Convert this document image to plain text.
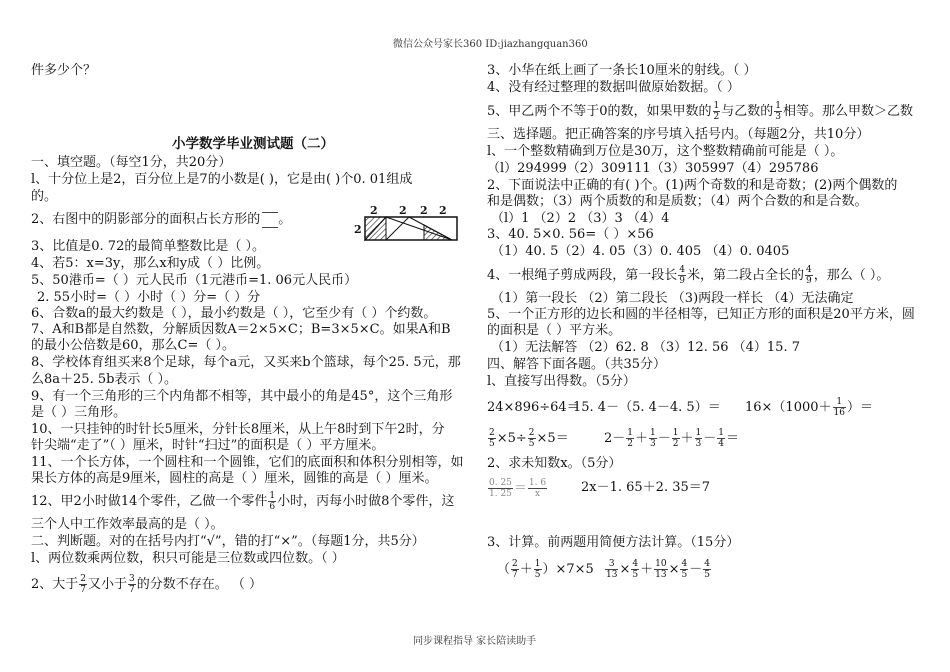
微信公众号家长360 ID:jiazhangquan360
件多少个？
小学数学毕业测试题（二）
一、填空题。（每空1分，共20分）
l、十分位上是2，百分位上是7的小数是( )，它是由( )个0. 01组成
的。
2、右图中的阴影部分的面积占长方形的 。
2 2 2 2
2
3、比值是0. 72的最简单整数比是（ ）。
4、若5：x=3y，那么x和y成（ ）比例。
5、50港币=（ ）元人民币（1元港币=1. 06元人民币）
2. 55小时=（ ）小时（ ）分=（ ）分
6、合数a的最大约数是（ ），最小约数是（ ），它至少有（ ）个约数。
7、A和B都是自然数，分解质因数A＝2×5×C；B=3×5×C。如果A和B
的最小公倍数是60，那么C=（ ）。
8、学校体育组买来8个足球，每个a元，又买来b个篮球，每个25. 5元，那
么8a＋25. 5b表示（ ）。
9、有一个三角形的三个内角都不相等，其中最小的角是45°，这个三角形
是（ ）三角形。
10、一只挂钟的时针长5厘米，分针长8厘米，从上午8时到下午2时，分
针尖端“走了”（ ）厘米，时针“扫过”的面积是（ ）平方厘米。
11、一个长方体，一个圆柱和一个圆锥，它们的底面积和体积分别相等，如
果长方体的高是9厘米，圆柱的高是（ ）厘米，圆锥的高是（ ）厘米。
12、甲2小时做14个零件，乙做一个零件 $\frac{1}{6}$ 小时，丙每小时做8个零件，这
三个人中工作效率最高的是（ ）。
二、判断题。对的在括号内打“√”，错的打“×”。（每题1分，共5分）
l、两位数乘两位数，积只可能是三位数或四位数。（ ）
2、大于 $\frac{2}{7}$ 又小于 $\frac{3}{7}$ 的分数不存在。 （ ）
3、小华在纸上画了一条长10厘米的射线。（ ）
4、没有经过整理的数据叫做原始数据。（ ）
5、甲乙两个不等于0的数，如果甲数的 $\frac{1}{2}$ 与乙数的 $\frac{1}{3}$ 相等。那么甲数＞乙数
三、选择题。把正确答案的序号填入括号内。（每题2分，共10分）
l、一个整数精确到万位是30万，这个整数精确前可能是（ ）。
（l）294999（2）309111（3）305997（4）295786
2、下面说法中正确的有( )个。(1)两个奇数的和是奇数；(2)两个偶数的
和是偶数；（3）两个质数的和是质数；（4）两个合数的和是合数。
（l）1 （2）2 （3）3 （4）4
3、40. 5×0. 56=（ ）×56
（1）40. 5（2）4. 05（3）0. 405 （4）0. 0405
4、一根绳子剪成两段，第一段长 $\frac{4}{9}$ 米，第二段占全长的 $\frac{4}{9}$ ，那么（ ）。
（1）第一段长 （2）第二段长 （3)两段一样长 （4）无法确定
5、一个正方形的边长和圆的半径相等，已知正方形的面积是20平方米，圆
的面积是（ ）平方米。
（1）无法解答 （2）62. 8 （3）12. 56 （4）15. 7
四、解答下面各题。（共35分）
l、直接写出得数。（5分）
24×896÷64＝
15. 4－（5. 4－4. $5)= 16\times(1000+ \frac{1}{16}$ ）＝
$\frac{2}{5} \times 5\div \frac{2}{5} \times 5=$	$2- \frac{1}{2} + \frac{1}{3} - \frac{1}{2} + \frac{1}{3} - \frac{1}{4}$ ＝
2、求未知数x。（5分）
$\frac{0. 25}{1. 25} = \frac{1. 6}{x}$	2x－1. 65＋2. 35＝7
3、计算。前两题用简便方法计算。（15分）
（ $\frac{2}{7} + \frac{1}{5} )\times 7\times 5 \frac{3}{13} \times \frac{4}{5} + \frac{10}{13} \times \frac{4}{5} - \frac{4}{5}$
同步课程指导 家长陪读助手
